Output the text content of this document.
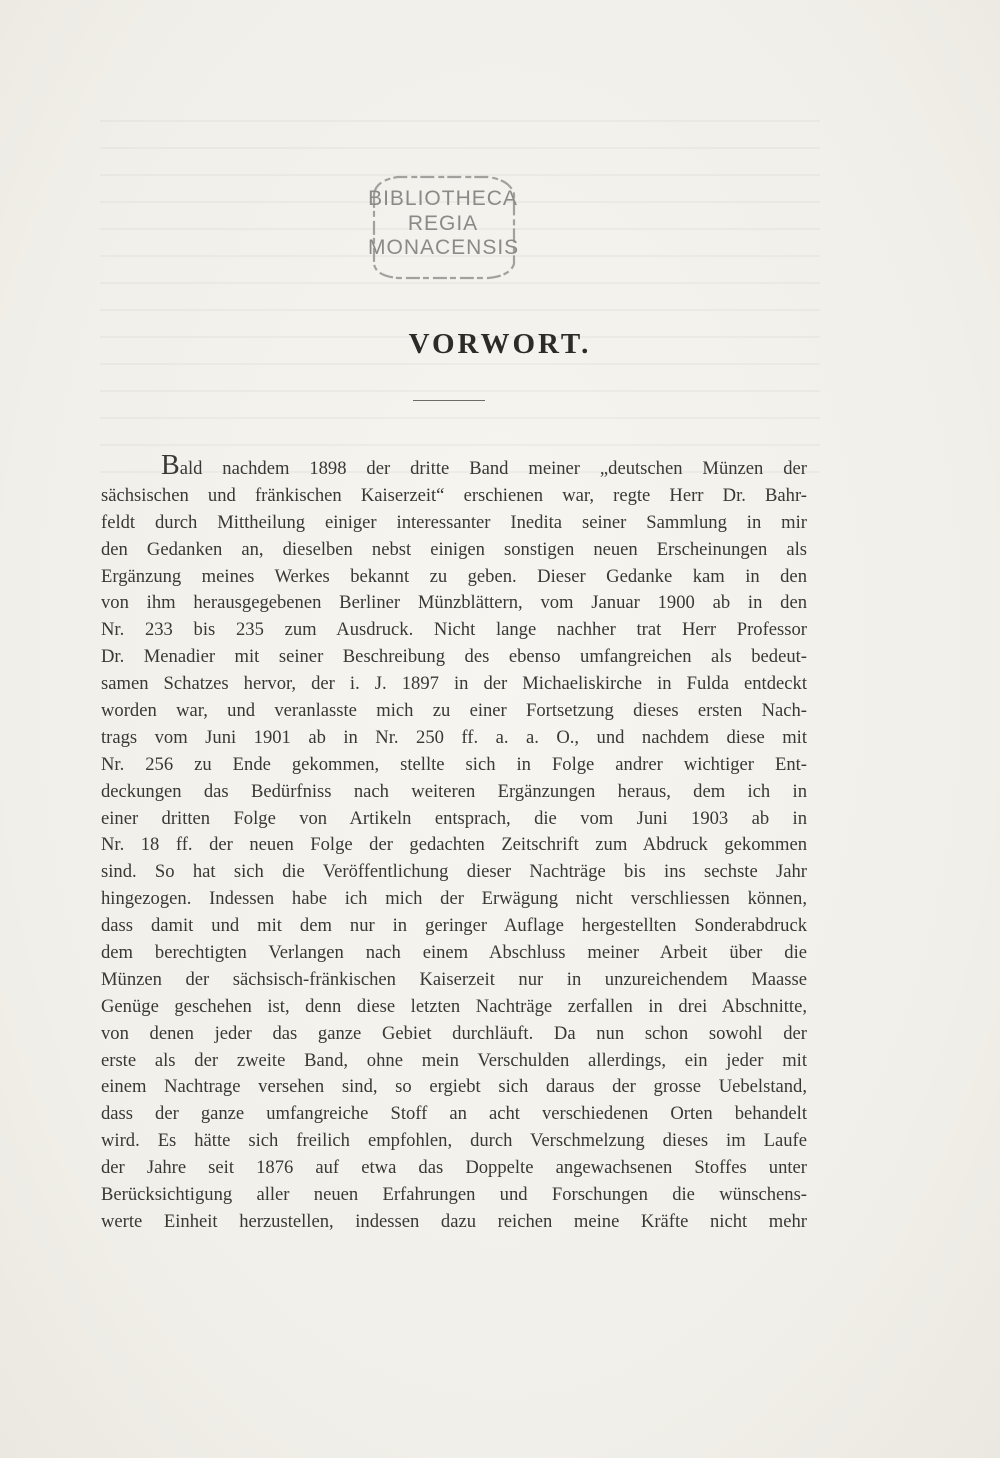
BIBLIOTHECA
REGIA
MONACENSIS
VORWORT.
Bald nachdem 1898 der dritte Band meiner „deutschen Münzen der
sächsischen und fränkischen Kaiserzeit“ erschienen war, regte Herr Dr. Bahr-
feldt durch Mittheilung einiger interessanter Inedita seiner Sammlung in mir
den Gedanken an, dieselben nebst einigen sonstigen neuen Erscheinungen als
Ergänzung meines Werkes bekannt zu geben. Dieser Gedanke kam in den
von ihm herausgegebenen Berliner Münzblättern, vom Januar 1900 ab in den
Nr. 233 bis 235 zum Ausdruck. Nicht lange nachher trat Herr Professor
Dr. Menadier mit seiner Beschreibung des ebenso umfangreichen als bedeut-
samen Schatzes hervor, der i. J. 1897 in der Michaeliskirche in Fulda entdeckt
worden war, und veranlasste mich zu einer Fortsetzung dieses ersten Nach-
trags vom Juni 1901 ab in Nr. 250 ff. a. a. O., und nachdem diese mit
Nr. 256 zu Ende gekommen, stellte sich in Folge andrer wichtiger Ent-
deckungen das Bedürfniss nach weiteren Ergänzungen heraus, dem ich in
einer dritten Folge von Artikeln entsprach, die vom Juni 1903 ab in
Nr. 18 ff. der neuen Folge der gedachten Zeitschrift zum Abdruck gekommen
sind. So hat sich die Veröffentlichung dieser Nachträge bis ins sechste Jahr
hingezogen. Indessen habe ich mich der Erwägung nicht verschliessen können,
dass damit und mit dem nur in geringer Auflage hergestellten Sonderabdruck
dem berechtigten Verlangen nach einem Abschluss meiner Arbeit über die
Münzen der sächsisch-fränkischen Kaiserzeit nur in unzureichendem Maasse
Genüge geschehen ist, denn diese letzten Nachträge zerfallen in drei Abschnitte,
von denen jeder das ganze Gebiet durchläuft. Da nun schon sowohl der
erste als der zweite Band, ohne mein Verschulden allerdings, ein jeder mit
einem Nachtrage versehen sind, so ergiebt sich daraus der grosse Uebelstand,
dass der ganze umfangreiche Stoff an acht verschiedenen Orten behandelt
wird. Es hätte sich freilich empfohlen, durch Verschmelzung dieses im Laufe
der Jahre seit 1876 auf etwa das Doppelte angewachsenen Stoffes unter
Berücksichtigung aller neuen Erfahrungen und Forschungen die wünschens-
werte Einheit herzustellen, indessen dazu reichen meine Kräfte nicht mehr
